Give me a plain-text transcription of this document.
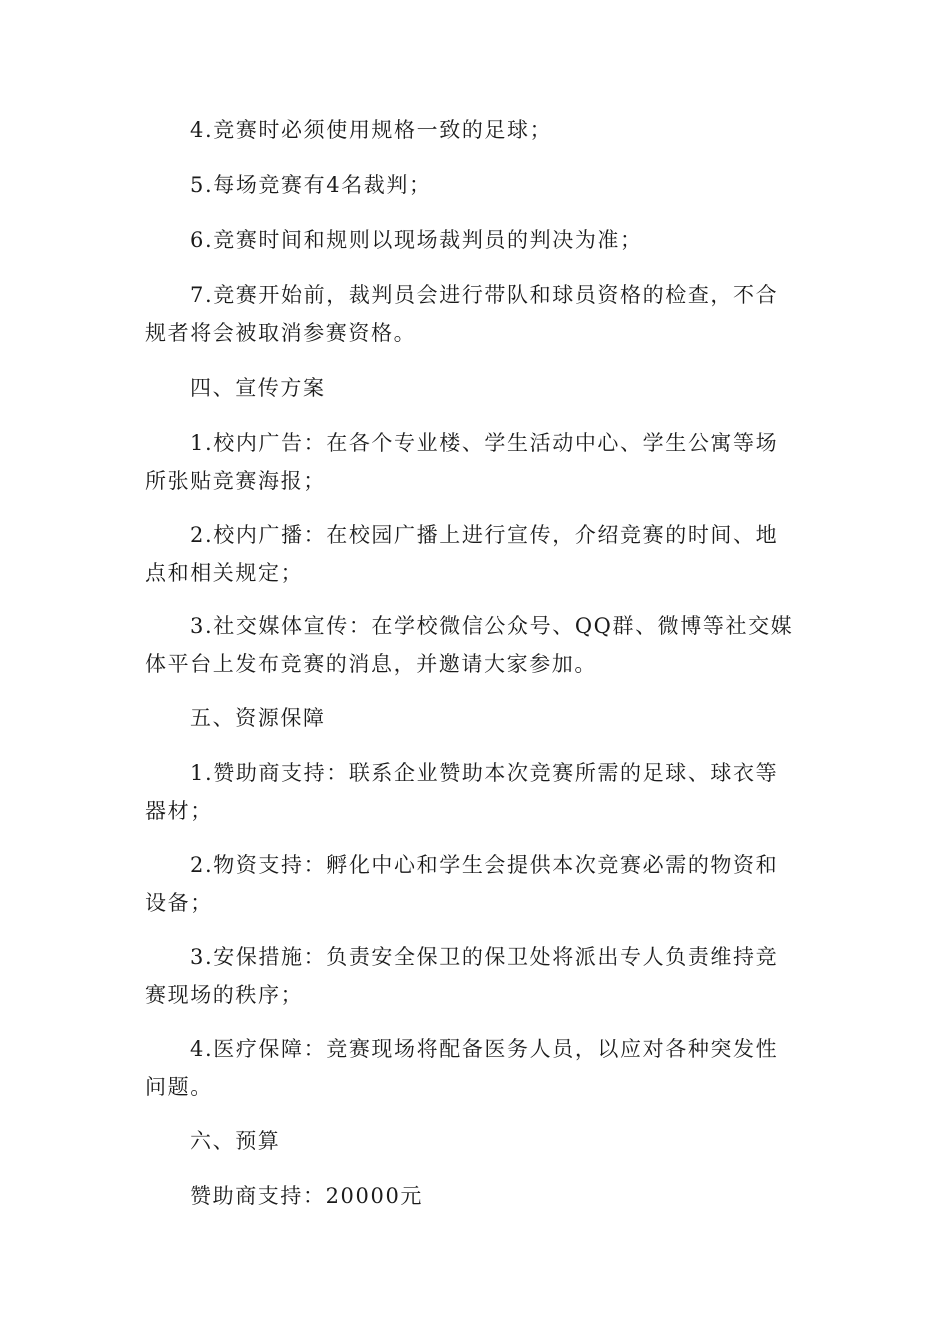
4.竞赛时必须使用规格一致的足球；

5.每场竞赛有4名裁判；

6.竞赛时间和规则以现场裁判员的判决为准；

7.竞赛开始前，裁判员会进行带队和球员资格的检查，不合规者将会被取消参赛资格。

四、宣传方案

1.校内广告：在各个专业楼、学生活动中心、学生公寓等场所张贴竞赛海报；

2.校内广播：在校园广播上进行宣传，介绍竞赛的时间、地点和相关规定；

3.社交媒体宣传：在学校微信公众号、QQ群、微博等社交媒体平台上发布竞赛的消息，并邀请大家参加。

五、资源保障

1.赞助商支持：联系企业赞助本次竞赛所需的足球、球衣等器材；

2.物资支持：孵化中心和学生会提供本次竞赛必需的物资和设备；

3.安保措施：负责安全保卫的保卫处将派出专人负责维持竞赛现场的秩序；

4.医疗保障：竞赛现场将配备医务人员，以应对各种突发性问题。

六、预算

赞助商支持：20000元
